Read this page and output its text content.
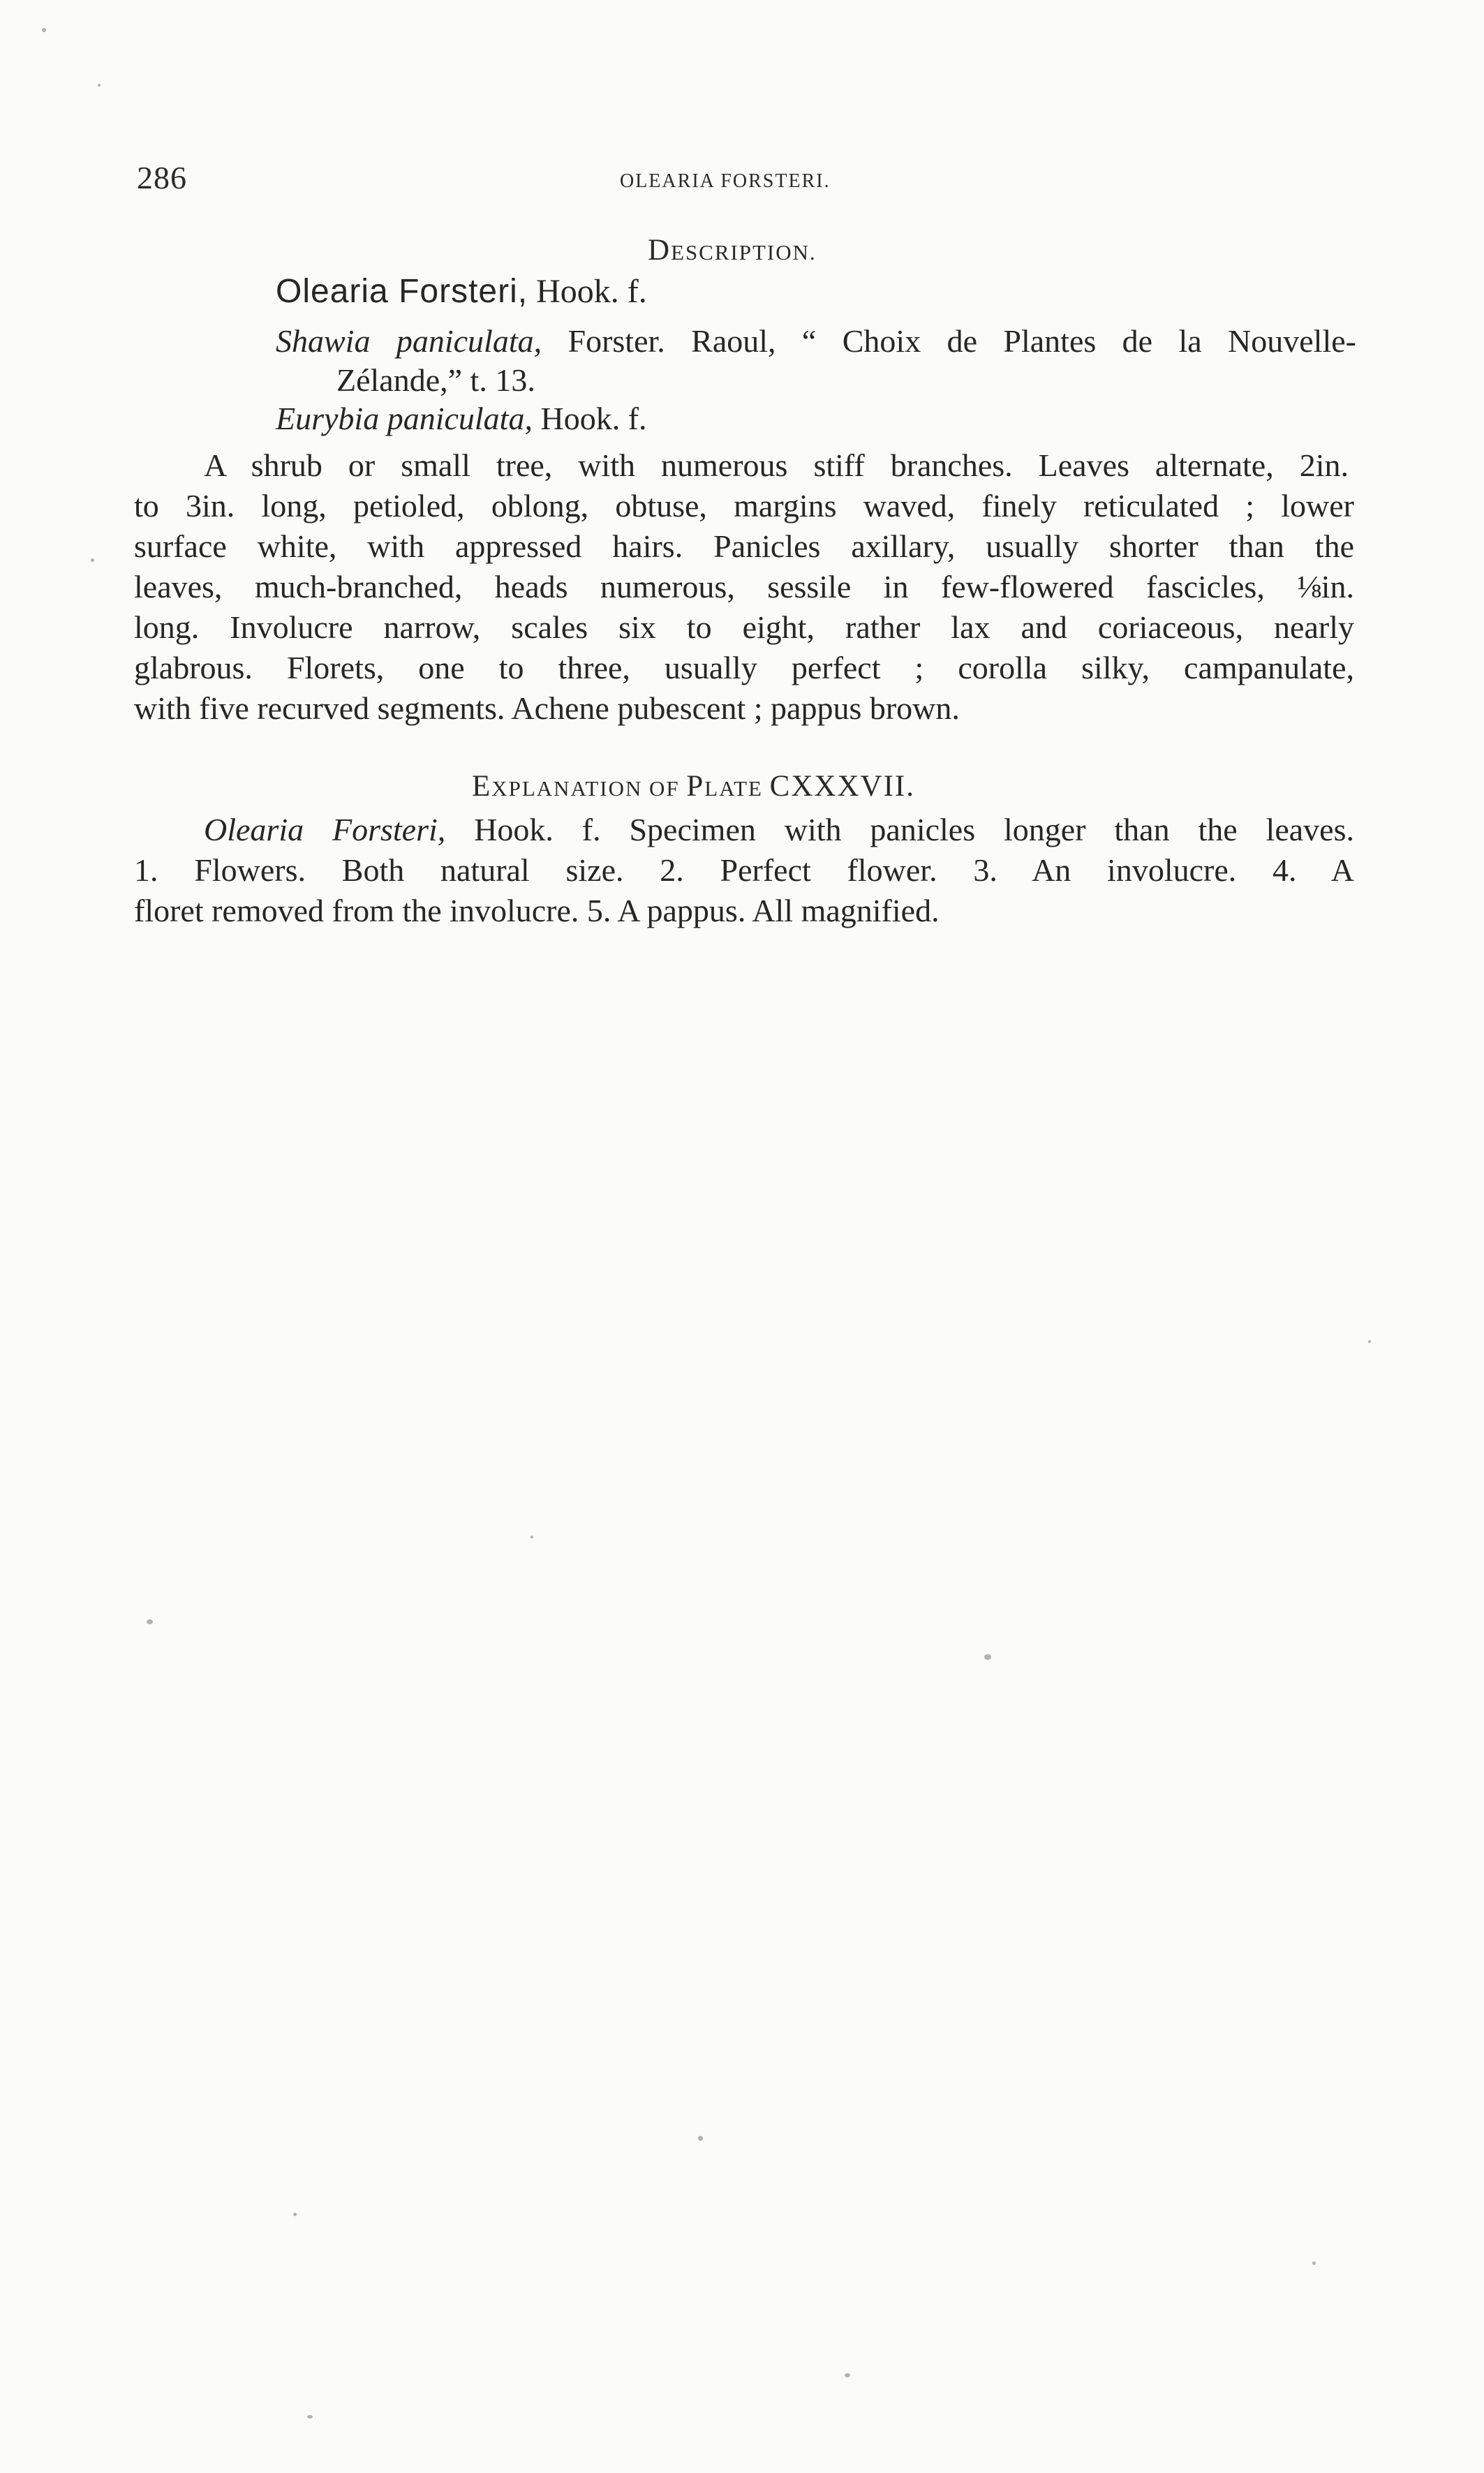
286	OLEARIA FORSTERI.
DESCRIPTION.
Olearia Forsteri, Hook. f.
Shawia paniculata, Forster. Raoul, “ Choix de Plantes de la Nouvelle-
Zélande,” t. 13.
Eurybia paniculata, Hook. f.
A shrub or small tree, with numerous stiff branches. Leaves alternate, 2in.
to 3in. long, petioled, oblong, obtuse, margins waved, finely reticulated ; lower
surface white, with appressed hairs. Panicles axillary, usually shorter than the
leaves, much-branched, heads numerous, sessile in few-flowered fascicles, ⅛in.
long. Involucre narrow, scales six to eight, rather lax and coriaceous, nearly
glabrous. Florets, one to three, usually perfect ; corolla silky, campanulate,
with five recurved segments. Achene pubescent ; pappus brown.
EXPLANATION OF PLATE CXXXVII.
Olearia Forsteri, Hook. f. Specimen with panicles longer than the leaves.
1. Flowers. Both natural size. 2. Perfect flower. 3. An involucre. 4. A
floret removed from the involucre. 5. A pappus. All magnified.
